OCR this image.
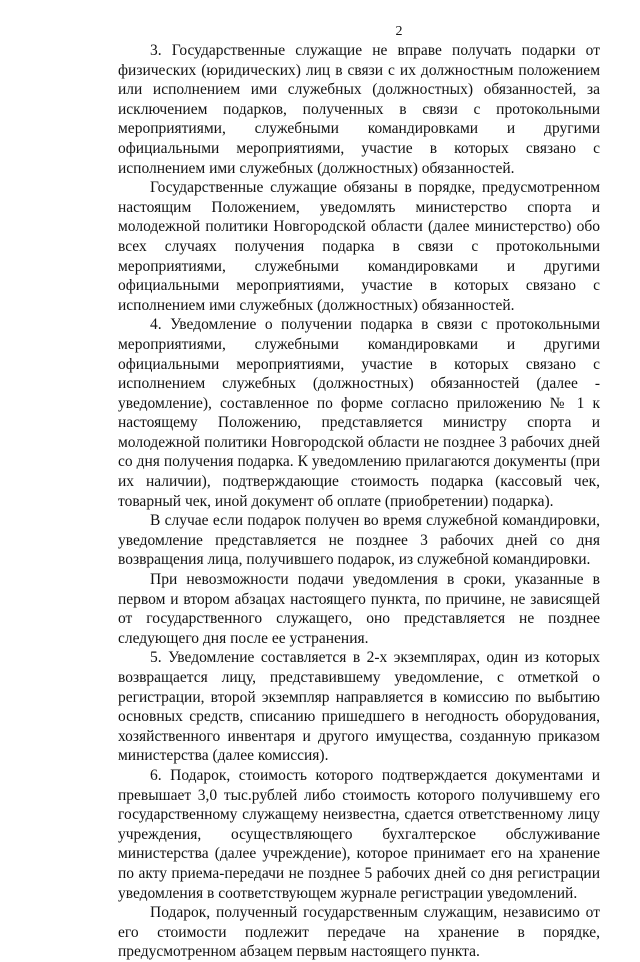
2

3. Государственные служащие не вправе получать подарки от физических (юридических) лиц в связи с их должностным положением или исполнением ими служебных (должностных) обязанностей, за исключением подарков, полученных в связи с протокольными мероприятиями, служебными командировками и другими официальными мероприятиями, участие в которых связано с исполнением ими служебных (должностных) обязанностей.

Государственные служащие обязаны в порядке, предусмотренном настоящим Положением, уведомлять министерство спорта и молодежной политики Новгородской области (далее министерство) обо всех случаях получения подарка в связи с протокольными мероприятиями, служебными командировками и другими официальными мероприятиями, участие в которых связано с исполнением ими служебных (должностных) обязанностей.

4. Уведомление о получении подарка в связи с протокольными мероприятиями, служебными командировками и другими официальными мероприятиями, участие в которых связано с исполнением служебных (должностных) обязанностей (далее - уведомление), составленное по форме согласно приложению № 1 к настоящему Положению, представляется министру спорта и молодежной политики Новгородской области не позднее 3 рабочих дней со дня получения подарка. К уведомлению прилагаются документы (при их наличии), подтверждающие стоимость подарка (кассовый чек, товарный чек, иной документ об оплате (приобретении) подарка).

В случае если подарок получен во время служебной командировки, уведомление представляется не позднее 3 рабочих дней со дня возвращения лица, получившего подарок, из служебной командировки.

При невозможности подачи уведомления в сроки, указанные в первом и втором абзацах настоящего пункта, по причине, не зависящей от государственного служащего, оно представляется не позднее следующего дня после ее устранения.

5. Уведомление составляется в 2-х экземплярах, один из которых возвращается лицу, представившему уведомление, с отметкой о регистрации, второй экземпляр направляется в комиссию по выбытию основных средств, списанию пришедшего в негодность оборудования, хозяйственного инвентаря и другого имущества, созданную приказом министерства (далее комиссия).

6. Подарок, стоимость которого подтверждается документами и превышает 3,0 тыс.рублей либо стоимость которого получившему его государственному служащему неизвестна, сдается ответственному лицу учреждения, осуществляющего бухгалтерское обслуживание министерства (далее учреждение), которое принимает его на хранение по акту приема-передачи не позднее 5 рабочих дней со дня регистрации уведомления в соответствующем журнале регистрации уведомлений.

Подарок, полученный государственным служащим, независимо от его стоимости подлежит передаче на хранение в порядке, предусмотренном абзацем первым настоящего пункта.
